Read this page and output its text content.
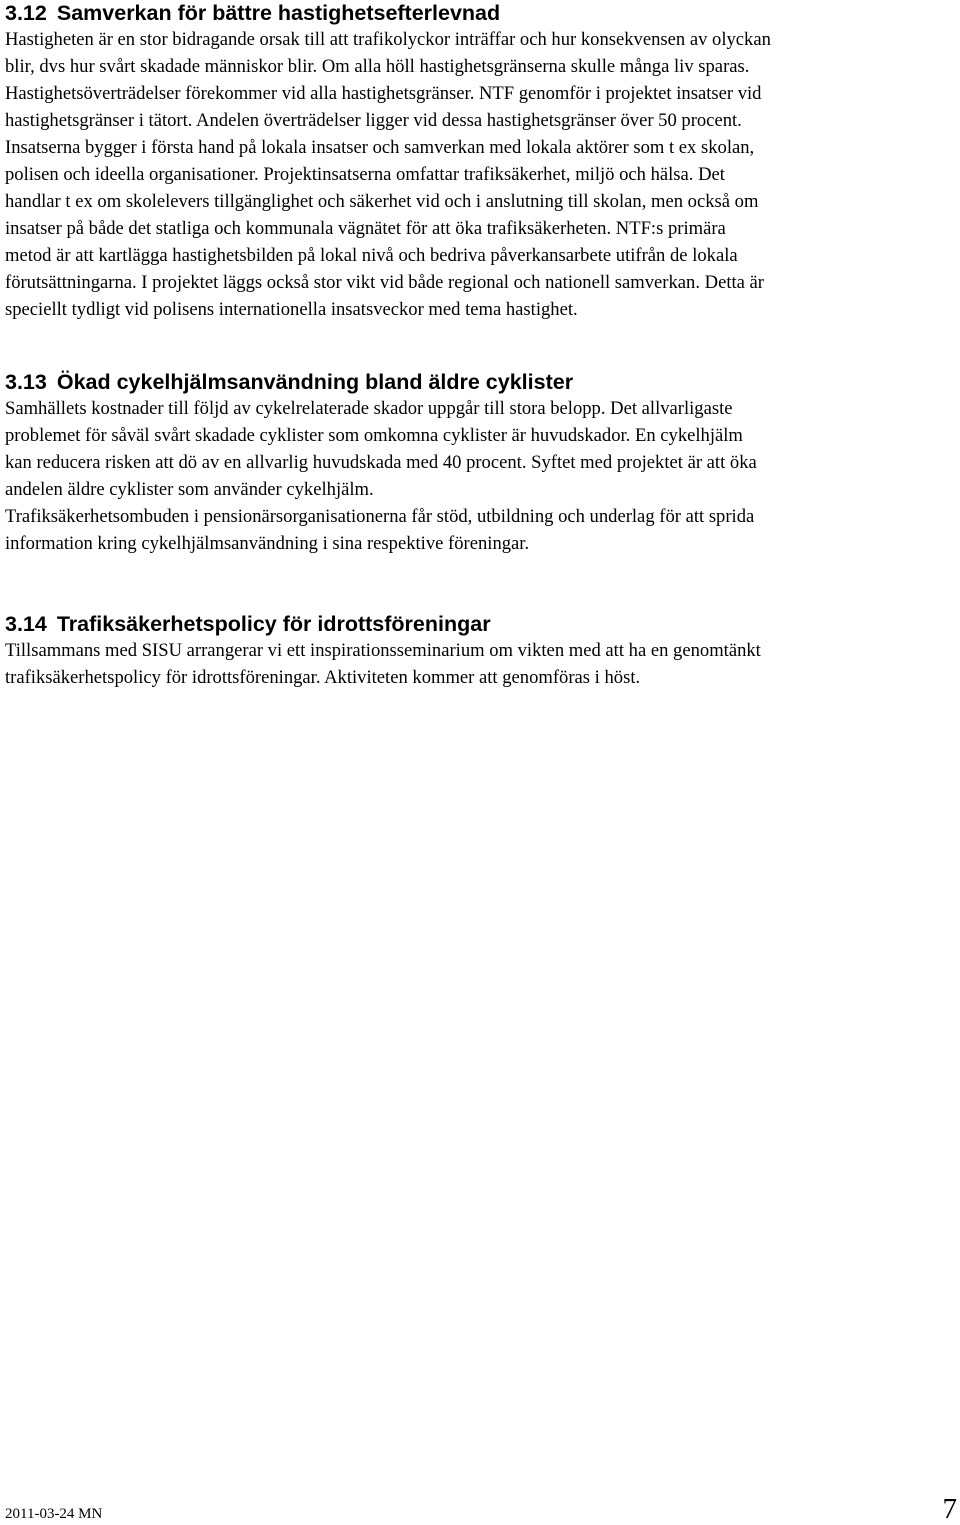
3.12 Samverkan för bättre hastighetsefterlevnad

Hastigheten är en stor bidragande orsak till att trafikolyckor inträffar och hur konsekvensen av olyckan
blir, dvs hur svårt skadade människor blir. Om alla höll hastighetsgränserna skulle många liv sparas.
Hastighetsöverträdelser förekommer vid alla hastighetsgränser. NTF genomför i projektet insatser vid
hastighetsgränser i tätort. Andelen överträdelser ligger vid dessa hastighetsgränser över 50 procent.
Insatserna bygger i första hand på lokala insatser och samverkan med lokala aktörer som t ex skolan,
polisen och ideella organisationer. Projektinsatserna omfattar trafiksäkerhet, miljö och hälsa. Det
handlar t ex om skolelevers tillgänglighet och säkerhet vid och i anslutning till skolan, men också om
insatser på både det statliga och kommunala vägnätet för att öka trafiksäkerheten. NTF:s primära
metod är att kartlägga hastighetsbilden på lokal nivå och bedriva påverkansarbete utifrån de lokala
förutsättningarna. I projektet läggs också stor vikt vid både regional och nationell samverkan. Detta är
speciellt tydligt vid polisens internationella insatsveckor med tema hastighet.

3.13 Ökad cykelhjälmsanvändning bland äldre cyklister

Samhällets kostnader till följd av cykelrelaterade skador uppgår till stora belopp. Det allvarligaste
problemet för såväl svårt skadade cyklister som omkomna cyklister är huvudskador. En cykelhjälm
kan reducera risken att dö av en allvarlig huvudskada med 40 procent. Syftet med projektet är att öka
andelen äldre cyklister som använder cykelhjälm.
Trafiksäkerhetsombuden i pensionärsorganisationerna får stöd, utbildning och underlag för att sprida
information kring cykelhjälmsanvändning i sina respektive föreningar.

3.14 Trafiksäkerhetspolicy för idrottsföreningar

Tillsammans med SISU arrangerar vi ett inspirationsseminarium om vikten med att ha en genomtänkt
trafiksäkerhetspolicy för idrottsföreningar. Aktiviteten kommer att genomföras i höst.

2011-03-24 MN	7
